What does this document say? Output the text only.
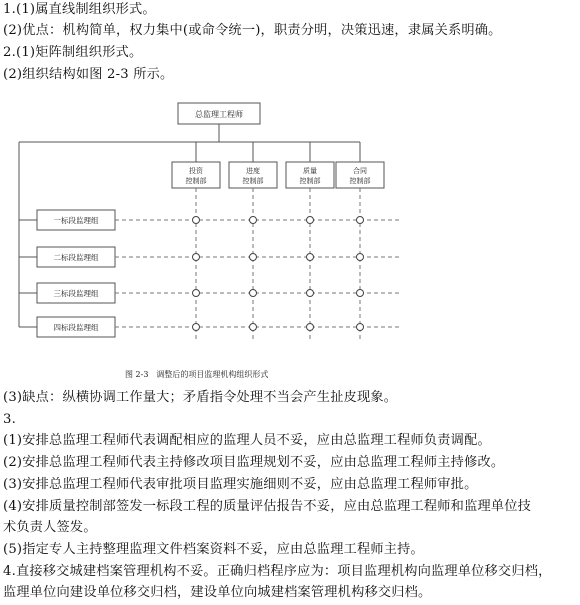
1.(1)属直线制组织形式。
(2)优点：机构简单，权力集中(或命令统一)，职责分明，决策迅速，隶属关系明确。
2.(1)矩阵制组织形式。
(2)组织结构如图 2-3 所示。
总监理工程师
投资
控制部
进度
控制部
质量
控制部
合同
控制部
一标段监理组
二标段监理组
三标段监理组
四标段监理组
图 2-3　调整后的项目监理机构组织形式
(3)缺点：纵横协调工作量大；矛盾指令处理不当会产生扯皮现象。
3.
(1)安排总监理工程师代表调配相应的监理人员不妥，应由总监理工程师负责调配。
(2)安排总监理工程师代表主持修改项目监理规划不妥，应由总监理工程师主持修改。
(3)安排总监理工程师代表审批项目监理实施细则不妥，应由总监理工程师审批。
(4)安排质量控制部签发一标段工程的质量评估报告不妥，应由总监理工程师和监理单位技
术负责人签发。
(5)指定专人主持整理监理文件档案资料不妥，应由总监理工程师主持。
4.直接移交城建档案管理机构不妥。正确归档程序应为：项目监理机构向监理单位移交归档，
监理单位向建设单位移交归档，建设单位向城建档案管理机构移交归档。
